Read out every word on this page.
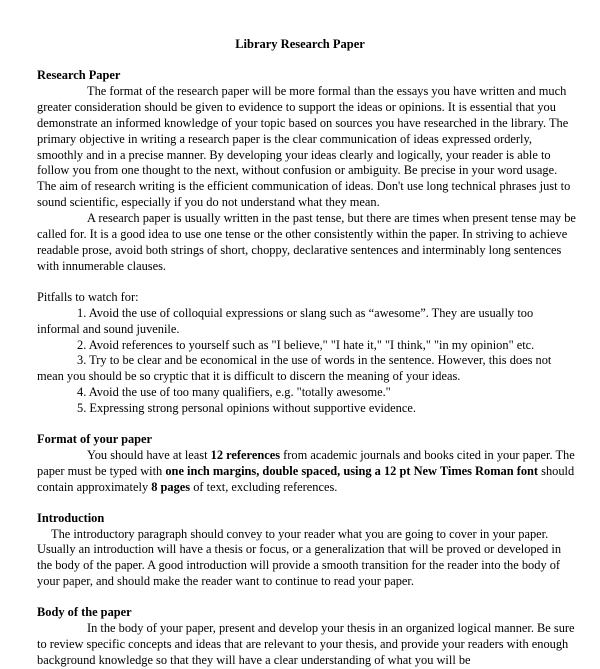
Library Research Paper

Research Paper

The format of the research paper will be more formal than the essays you have written and much greater consideration should be given to evidence to support the ideas or opinions. It is essential that you demonstrate an informed knowledge of your topic based on sources you have researched in the library. The primary objective in writing a research paper is the clear communication of ideas expressed orderly, smoothly and in a precise manner. By developing your ideas clearly and logically, your reader is able to follow you from one thought to the next, without confusion or ambiguity. Be precise in your word usage. The aim of research writing is the efficient communication of ideas. Don't use long technical phrases just to sound scientific, especially if you do not understand what they mean.

A research paper is usually written in the past tense, but there are times when present tense may be called for. It is a good idea to use one tense or the other consistently within the paper. In striving to achieve readable prose, avoid both strings of short, choppy, declarative sentences and interminably long sentences with innumerable clauses.

Pitfalls to watch for:

1. Avoid the use of colloquial expressions or slang such as “awesome”. They are usually too informal and sound juvenile.

2. Avoid references to yourself such as "I believe," "I hate it," "I think," "in my opinion" etc.

3. Try to be clear and be economical in the use of words in the sentence. However, this does not mean you should be so cryptic that it is difficult to discern the meaning of your ideas.

4. Avoid the use of too many qualifiers, e.g. "totally awesome."

5. Expressing strong personal opinions without supportive evidence.

Format of your paper

You should have at least 12 references from academic journals and books cited in your paper. The paper must be typed with one inch margins, double spaced, using a 12 pt New Times Roman font should contain approximately 8 pages of text, excluding references.

Introduction

The introductory paragraph should convey to your reader what you are going to cover in your paper. Usually an introduction will have a thesis or focus, or a generalization that will be proved or developed in the body of the paper. A good introduction will provide a smooth transition for the reader into the body of your paper, and should make the reader want to continue to read your paper.

Body of the paper

In the body of your paper, present and develop your thesis in an organized logical manner. Be sure to review specific concepts and ideas that are relevant to your thesis, and provide your readers with enough background knowledge so that they will have a clear understanding of what you will be
